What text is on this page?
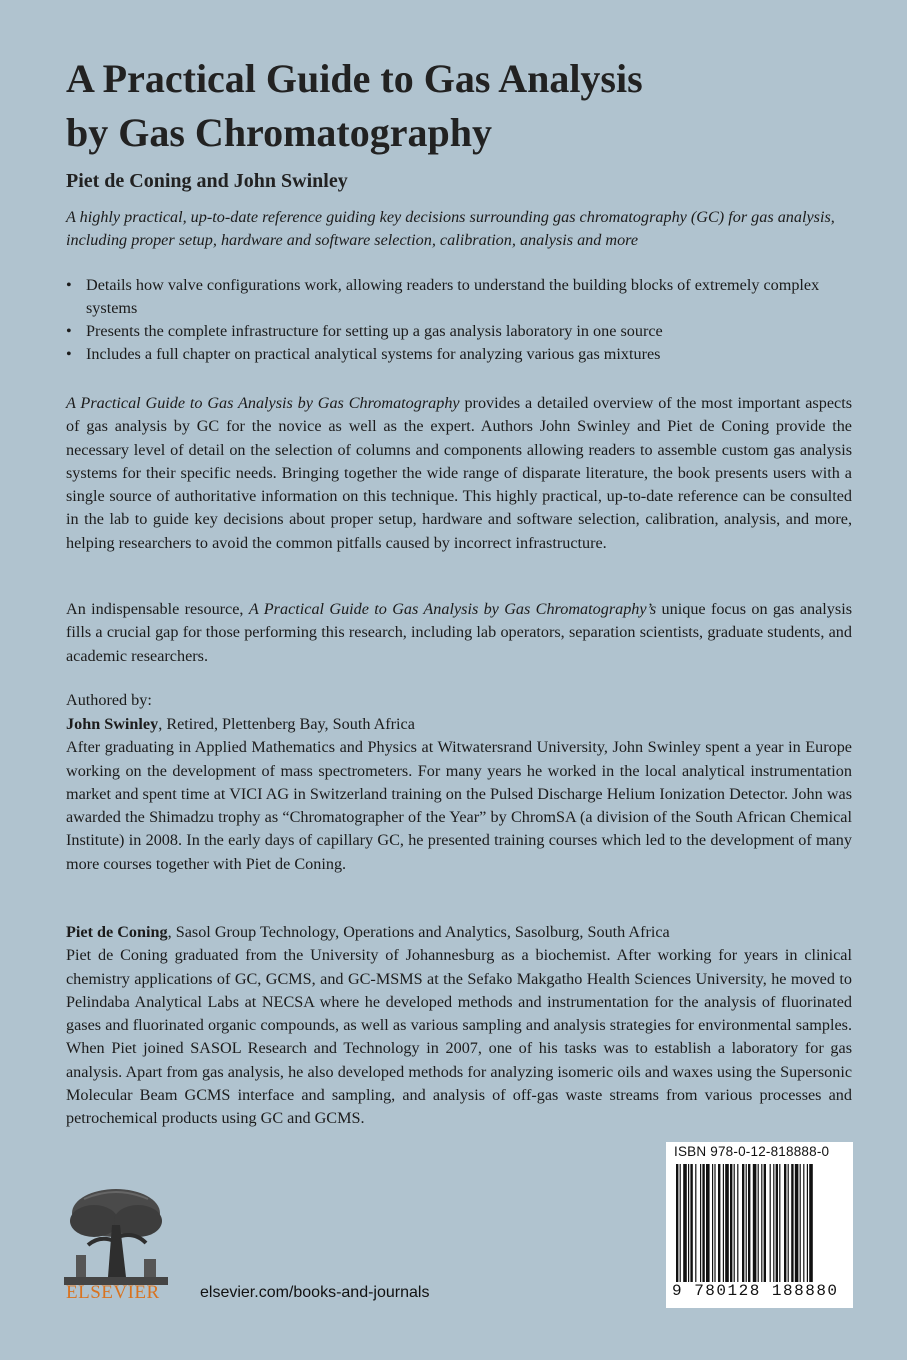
A Practical Guide to Gas Analysis
by Gas Chromatography
Piet de Coning and John Swinley
A highly practical, up-to-date reference guiding key decisions surrounding gas chromatography (GC) for gas analysis, including proper setup, hardware and software selection, calibration, analysis and more
• Details how valve configurations work, allowing readers to understand the building blocks of extremely complex systems
• Presents the complete infrastructure for setting up a gas analysis laboratory in one source
• Includes a full chapter on practical analytical systems for analyzing various gas mixtures

A Practical Guide to Gas Analysis by Gas Chromatography provides a detailed overview of the most important aspects of gas analysis by GC for the novice as well as the expert. Authors John Swinley and Piet de Coning provide the necessary level of detail on the selection of columns and components allowing readers to assemble custom gas analysis systems for their specific needs. Bringing together the wide range of disparate literature, the book presents users with a single source of authoritative information on this technique. This highly practical, up-to-date reference can be consulted in the lab to guide key decisions about proper setup, hardware and software selection, calibration, analysis, and more, helping researchers to avoid the common pitfalls caused by incorrect infrastructure.

An indispensable resource, A Practical Guide to Gas Analysis by Gas Chromatography’s unique focus on gas analysis fills a crucial gap for those performing this research, including lab operators, separation scientists, graduate students, and academic researchers.

Authored by:

John Swinley, Retired, Plettenberg Bay, South Africa
After graduating in Applied Mathematics and Physics at Witwatersrand University, John Swinley spent a year in Europe working on the development of mass spectrometers. For many years he worked in the local analytical instrumentation market and spent time at VICI AG in Switzerland training on the Pulsed Discharge Helium Ionization Detector. John was awarded the Shimadzu trophy as “Chromatographer of the Year” by ChromSA (a division of the South African Chemical Institute) in 2008. In the early days of capillary GC, he presented training courses which led to the development of many more courses together with Piet de Coning.

Piet de Coning, Sasol Group Technology, Operations and Analytics, Sasolburg, South Africa
Piet de Coning graduated from the University of Johannesburg as a biochemist. After working for years in clinical chemistry applications of GC, GCMS, and GC-MSMS at the Sefako Makgatho Health Sciences University, he moved to Pelindaba Analytical Labs at NECSA where he developed methods and instrumentation for the analysis of fluorinated gases and fluorinated organic compounds, as well as various sampling and analysis strategies for environmental samples. When Piet joined SASOL Research and Technology in 2007, one of his tasks was to establish a laboratory for gas analysis. Apart from gas analysis, he also developed methods for analyzing isomeric oils and waxes using the Supersonic Molecular Beam GCMS interface and sampling, and analysis of off-gas waste streams from various processes and petrochemical products using GC and GCMS.

ELSEVIER	elsevier.com/books-and-journals
ISBN 978-0-12-818888-0
9 780128 188880
